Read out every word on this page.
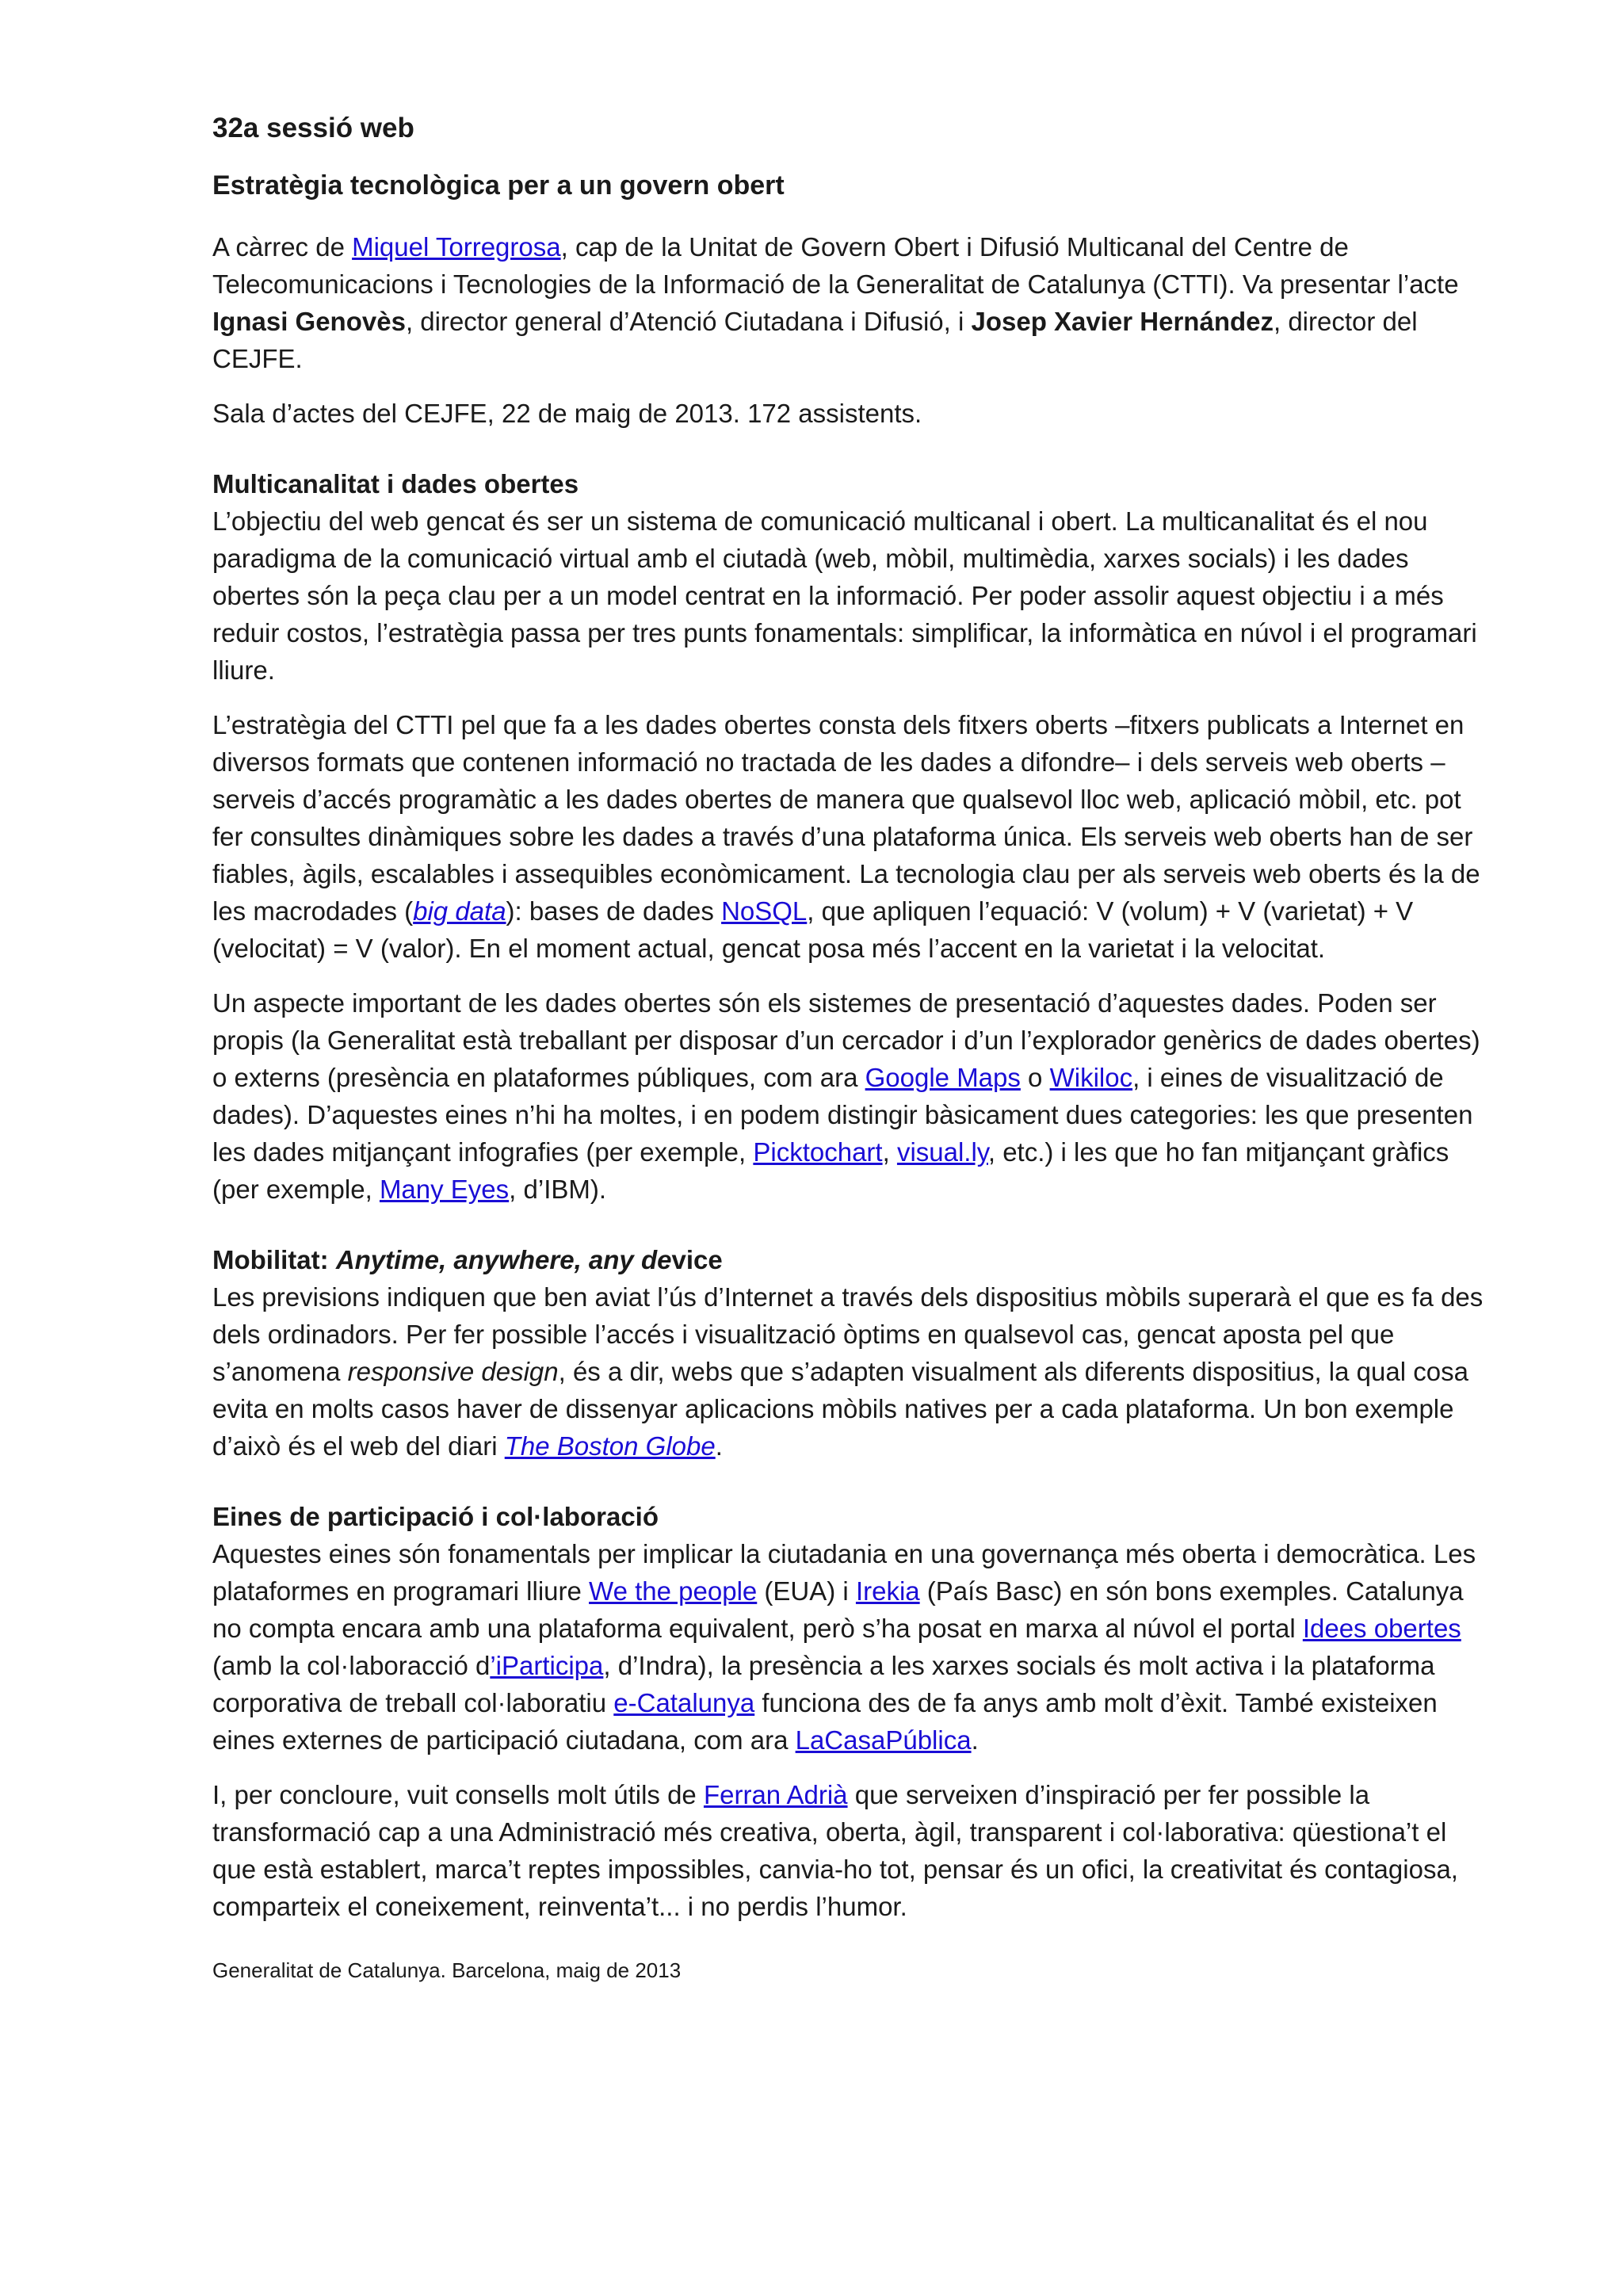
32a sessió web
Estratègia tecnològica per a un govern obert

A càrrec de Miquel Torregrosa, cap de la Unitat de Govern Obert i Difusió Multicanal del Centre de Telecomunicacions i Tecnologies de la Informació de la Generalitat de Catalunya (CTTI). Va presentar l’acte Ignasi Genovès, director general d’Atenció Ciutadana i Difusió, i Josep Xavier Hernández, director del CEJFE.

Sala d’actes del CEJFE, 22 de maig de 2013. 172 assistents.

Multicanalitat i dades obertes

L’objectiu del web gencat és ser un sistema de comunicació multicanal i obert. La multicanalitat és el nou paradigma de la comunicació virtual amb el ciutadà (web, mòbil, multimèdia, xarxes socials) i les dades obertes són la peça clau per a un model centrat en la informació. Per poder assolir aquest objectiu i a més reduir costos, l’estratègia passa per tres punts fonamentals: simplificar, la informàtica en núvol i el programari lliure.

L’estratègia del CTTI pel que fa a les dades obertes consta dels fitxers oberts –fitxers publicats a Internet en diversos formats que contenen informació no tractada de les dades a difondre– i dels serveis web oberts –serveis d’accés programàtic a les dades obertes de manera que qualsevol lloc web, aplicació mòbil, etc. pot fer consultes dinàmiques sobre les dades a través d’una plataforma única. Els serveis web oberts han de ser fiables, àgils, escalables i assequibles econòmicament. La tecnologia clau per als serveis web oberts és la de les macrodades (big data): bases de dades NoSQL, que apliquen l’equació: V (volum) + V (varietat) + V (velocitat) = V (valor). En el moment actual, gencat posa més l’accent en la varietat i la velocitat.

Un aspecte important de les dades obertes són els sistemes de presentació d’aquestes dades. Poden ser propis (la Generalitat està treballant per disposar d’un cercador i d’un l’explorador genèrics de dades obertes) o externs (presència en plataformes públiques, com ara Google Maps o Wikiloc, i eines de visualització de dades). D’aquestes eines n’hi ha moltes, i en podem distingir bàsicament dues categories: les que presenten les dades mitjançant infografies (per exemple, Picktochart, visual.ly, etc.) i les que ho fan mitjançant gràfics (per exemple, Many Eyes, d’IBM).

Mobilitat: Anytime, anywhere, any device

Les previsions indiquen que ben aviat l’ús d’Internet a través dels dispositius mòbils superarà el que es fa des dels ordinadors. Per fer possible l’accés i visualització òptims en qualsevol cas, gencat aposta pel que s’anomena responsive design, és a dir, webs que s’adapten visualment als diferents dispositius, la qual cosa evita en molts casos haver de dissenyar aplicacions mòbils natives per a cada plataforma. Un bon exemple d’això és el web del diari The Boston Globe.

Eines de participació i col·laboració

Aquestes eines són fonamentals per implicar la ciutadania en una governança més oberta i democràtica. Les plataformes en programari lliure We the people (EUA) i Irekia (País Basc) en són bons exemples. Catalunya no compta encara amb una plataforma equivalent, però s’ha posat en marxa al núvol el portal Idees obertes (amb la col·laboracció d’iParticipa, d’Indra), la presència a les xarxes socials és molt activa i la plataforma corporativa de treball col·laboratiu e-Catalunya funciona des de fa anys amb molt d’èxit. També existeixen eines externes de participació ciutadana, com ara LaCasaPública.

I, per concloure, vuit consells molt útils de Ferran Adrià que serveixen d’inspiració per fer possible la transformació cap a una Administració més creativa, oberta, àgil, transparent i col·laborativa: qüestiona’t el que està establert, marca’t reptes impossibles, canvia-ho tot, pensar és un ofici, la creativitat és contagiosa, comparteix el coneixement, reinventa’t... i no perdis l’humor.

Generalitat de Catalunya. Barcelona, maig de 2013
